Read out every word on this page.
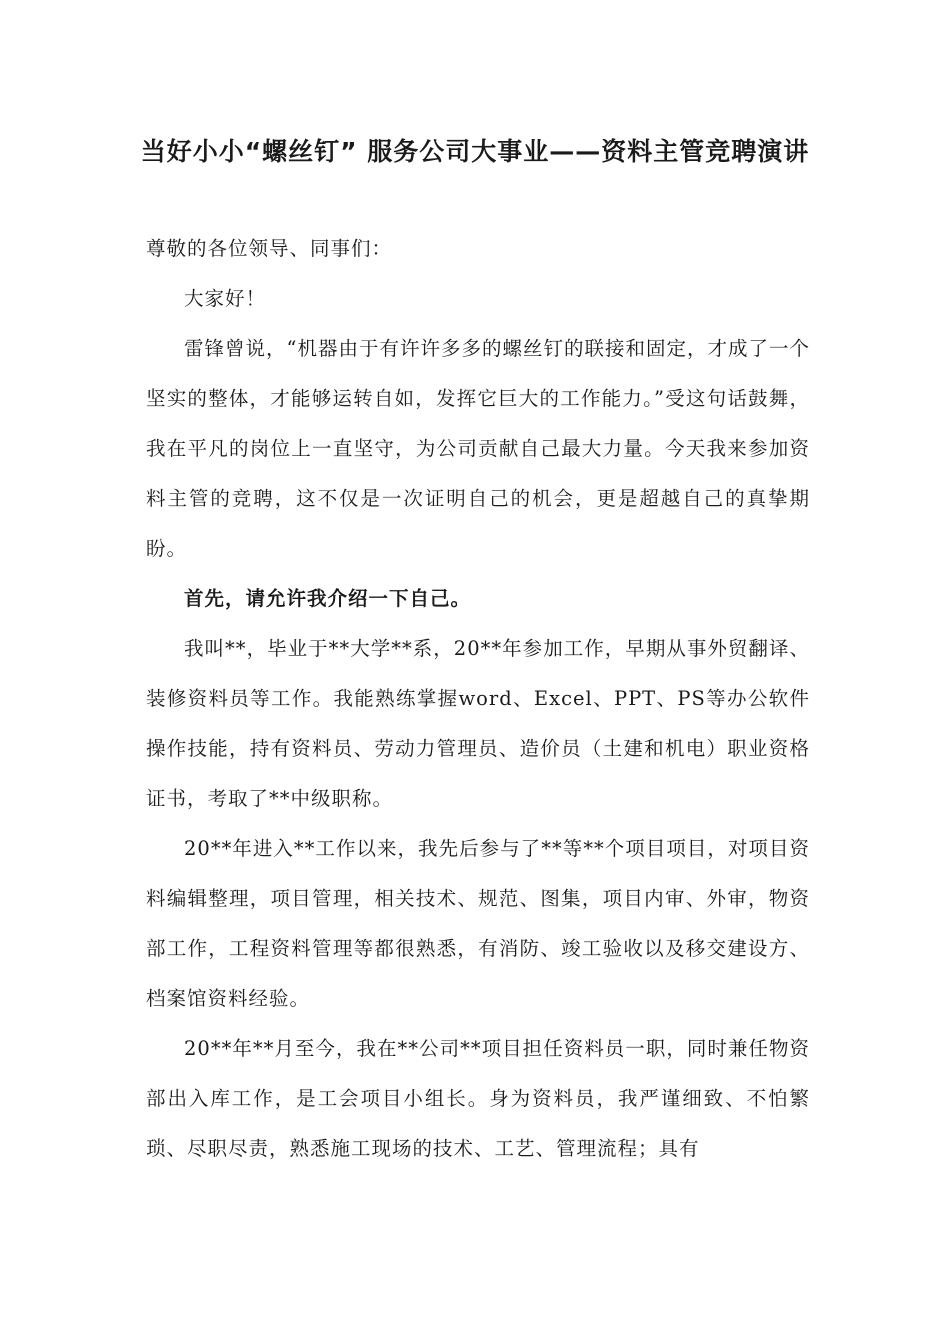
当好小小“螺丝钉” 服务公司大事业——资料主管竞聘演讲

尊敬的各位领导、同事们：

大家好！

雷锋曾说，“机器由于有许许多多的螺丝钉的联接和固定，才成了一个坚实的整体，才能够运转自如，发挥它巨大的工作能力。”受这句话鼓舞，我在平凡的岗位上一直坚守，为公司贡献自己最大力量。今天我来参加资料主管的竞聘，这不仅是一次证明自己的机会，更是超越自己的真挚期盼。

首先，请允许我介绍一下自己。

我叫**，毕业于**大学**系，20**年参加工作，早期从事外贸翻译、装修资料员等工作。我能熟练掌握word、Excel、PPT、PS等办公软件操作技能，持有资料员、劳动力管理员、造价员（土建和机电）职业资格证书，考取了**中级职称。

20**年进入**工作以来，我先后参与了**等**个项目项目，对项目资料编辑整理，项目管理，相关技术、规范、图集，项目内审、外审，物资部工作，工程资料管理等都很熟悉，有消防、竣工验收以及移交建设方、档案馆资料经验。

20**年**月至今，我在**公司**项目担任资料员一职，同时兼任物资部出入库工作，是工会项目小组长。身为资料员，我严谨细致、不怕繁琐、尽职尽责，熟悉施工现场的技术、工艺、管理流程；具有
